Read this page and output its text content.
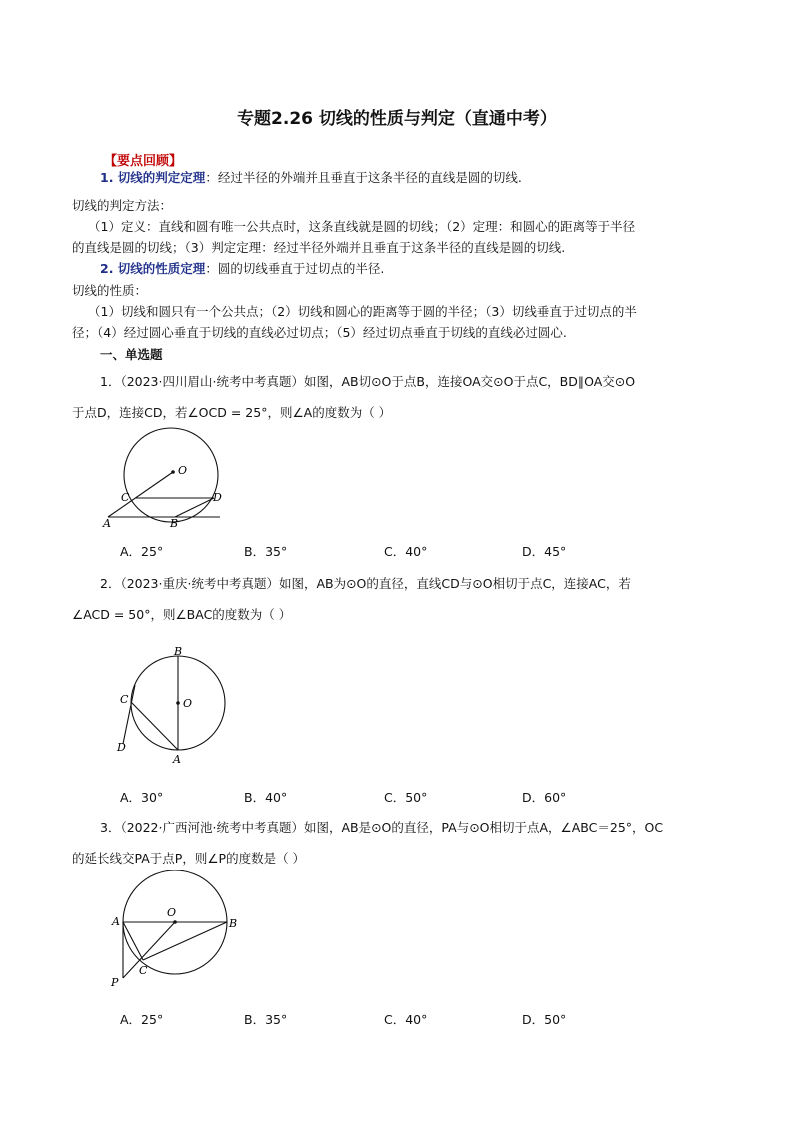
专题2.26 切线的性质与判定（直通中考）
【要点回顾】
1. 切线的判定定理：经过半径的外端并且垂直于这条半径的直线是圆的切线.
切线的判定方法：
（1）定义：直线和圆有唯一公共点时，这条直线就是圆的切线；（2）定理：和圆心的距离等于半径
的直线是圆的切线；（3）判定定理：经过半径外端并且垂直于这条半径的直线是圆的切线.
2. 切线的性质定理：圆的切线垂直于过切点的半径.
切线的性质：
（1）切线和圆只有一个公共点；（2）切线和圆心的距离等于圆的半径；（3）切线垂直于过切点的半
径；（4）经过圆心垂直于切线的直线必过切点；（5）经过切点垂直于切线的直线必过圆心.
一、单选题
1．（2023·四川眉山·统考中考真题）如图，AB切⊙O于点B，连接OA交⊙O于点C，BD∥OA交⊙O
于点D，连接CD，若∠OCD = 25°，则∠A的度数为（ ）
O
C	D
A	B
A．25°	B．35°	C．40°	D．45°
2．（2023·重庆·统考中考真题）如图，AB为⊙O的直径，直线CD与⊙O相切于点C，连接AC，若
∠ACD = 50°，则∠BAC的度数为（ ）
B
C	O
D
A
A．30°	B．40°	C．50°	D．60°
3．（2022·广西河池·统考中考真题）如图，AB是⊙O的直径，PA与⊙O相切于点A，∠ABC＝25°，OC
的延长线交PA于点P，则∠P的度数是（ ）
O
A	B
C
P
A．25°	B．35°	C．40°	D．50°
